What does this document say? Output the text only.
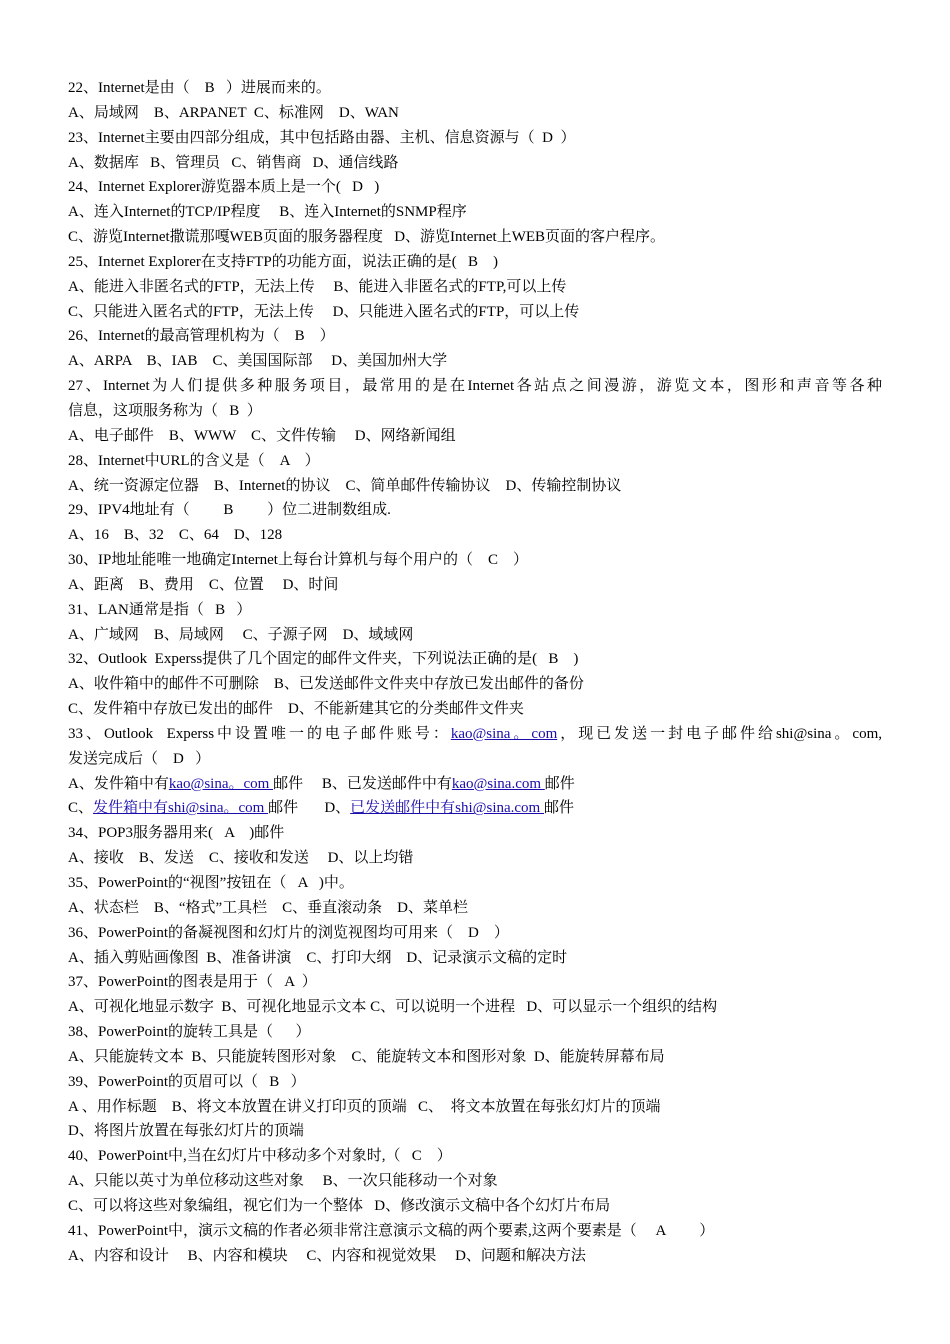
22、Internet是由（    B   ）进展而来的。
A、局域网    B、ARPANET  C、标准网    D、WAN
23、Internet主要由四部分组成，其中包括路由器、主机、信息资源与（  D  ）
A、数据库   B、管理员   C、销售商   D、通信线路
24、Internet Explorer游览器本质上是一个(   D   )
A、连入Internet的TCP/IP程度     B、连入Internet的SNMP程序
C、游览Internet撒谎那嘎WEB页面的服务器程度   D、游览Internet上WEB页面的客户程序。
25、Internet Explorer在支持FTP的功能方面，说法正确的是(   B    )
A、能进入非匿名式的FTP，无法上传     B、能进入非匿名式的FTP,可以上传
C、只能进入匿名式的FTP，无法上传     D、只能进入匿名式的FTP，可以上传
26、Internet的最高管理机构为（    B    ）
A、ARPA    B、IAB    C、美国国际部     D、美国加州大学
27、Internet为人们提供多种服务项目，最常用的是在Internet各站点之间漫游，游览文本，图形和声音等各种
信息，这项服务称为（   B  ）
A、电子邮件    B、WWW    C、文件传输     D、网络新闻组
28、Internet中URL的含义是（    A    ）
A、统一资源定位器    B、Internet的协议    C、简单邮件传输协议    D、传输控制协议
29、IPV4地址有（         B         ）位二进制数组成.
A、16    B、32    C、64    D、128
30、IP地址能唯一地确定Internet上每台计算机与每个用户的（    C    ）
A、距离    B、费用    C、位置     D、时间
31、LAN通常是指（   B   ）
A、广域网    B、局域网     C、子源子网    D、域域网
32、Outlook  Experss提供了几个固定的邮件文件夹，下列说法正确的是(   B    )
A、收件箱中的邮件不可删除    B、已发送邮件文件夹中存放已发出邮件的备份
C、发件箱中存放已发出的邮件    D、不能新建其它的分类邮件文件夹
33、Outlook  Experss中设置唯一的电子邮件账号：kao@sina。com，现已发送一封电子邮件给shi@sina。com,
发送完成后（    D   ）
A、发件箱中有kao@sina。com 邮件     B、已发送邮件中有kao@sina.com 邮件
C、发件箱中有shi@sina。com 邮件       D、已发送邮件中有shi@sina.com 邮件
34、POP3服务器用来(   A    )邮件
A、接收    B、发送    C、接收和发送     D、以上均错
35、PowerPoint的“视图”按钮在（   A   )中。
A、状态栏    B、“格式”工具栏    C、垂直滚动条    D、菜单栏
36、PowerPoint的备凝视图和幻灯片的浏览视图均可用来（    D    ）
A、插入剪贴画像图  B、准备讲演    C、打印大纲    D、记录演示文稿的定时
37、PowerPoint的图表是用于（   A  ）
A、可视化地显示数字  B、可视化地显示文本 C、可以说明一个进程   D、可以显示一个组织的结构
38、PowerPoint的旋转工具是（      ）
A、只能旋转文本  B、只能旋转图形对象    C、能旋转文本和图形对象  D、能旋转屏幕布局
39、PowerPoint的页眉可以（   B   ）
A 、用作标题    B、将文本放置在讲义打印页的顶端   C、  将文本放置在每张幻灯片的顶端
D、将图片放置在每张幻灯片的顶端
40、PowerPoint中,当在幻灯片中移动多个对象时,（   C    ）
A、只能以英寸为单位移动这些对象     B、一次只能移动一个对象
C、可以将这些对象编组，视它们为一个整体   D、修改演示文稿中各个幻灯片布局
41、PowerPoint中，演示文稿的作者必须非常注意演示文稿的两个要素,这两个要素是（     A         ）
A、内容和设计     B、内容和模块     C、内容和视觉效果     D、问题和解决方法
